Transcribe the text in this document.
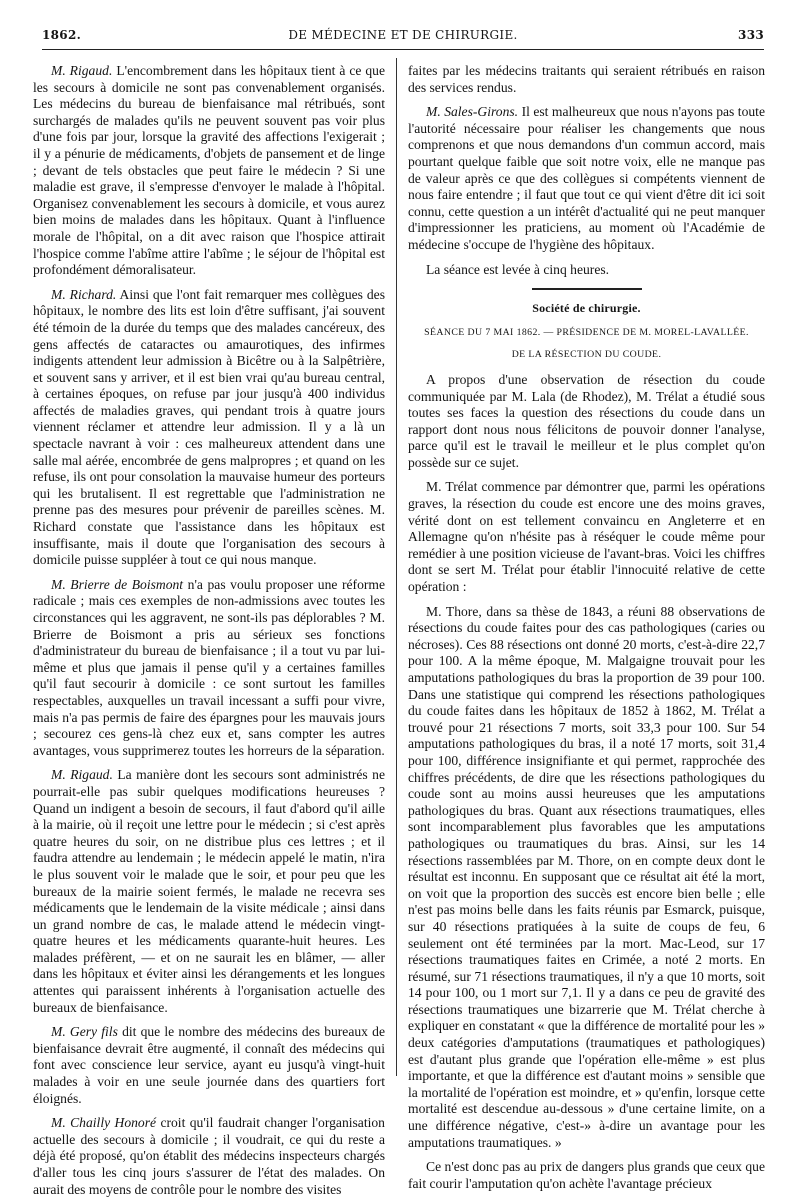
1862.	DE MÉDECINE ET DE CHIRURGIE.	333

M. Rigaud. L'encombrement dans les hôpitaux tient à ce que les secours à domicile ne sont pas convenablement organisés. Les médecins du bureau de bienfaisance mal rétribués, sont surchargés de malades qu'ils ne peuvent souvent pas voir plus d'une fois par jour, lorsque la gravité des affections l'exigerait ; il y a pénurie de médicaments, d'objets de pansement et de linge ; devant de tels obstacles que peut faire le médecin ? Si une maladie est grave, il s'empresse d'envoyer le malade à l'hôpital. Organisez convenablement les secours à domicile, et vous aurez bien moins de malades dans les hôpitaux. Quant à l'influence morale de l'hôpital, on a dit avec raison que l'hospice attirait l'hospice comme l'abîme attire l'abîme ; le séjour de l'hôpital est profondément démoralisateur.

M. Richard. Ainsi que l'ont fait remarquer mes collègues des hôpitaux, le nombre des lits est loin d'être suffisant, j'ai souvent été témoin de la durée du temps que des malades cancéreux, des gens affectés de cataractes ou amaurotiques, des infirmes indigents attendent leur admission à Bicêtre ou à la Salpêtrière, et souvent sans y arriver, et il est bien vrai qu'au bureau central, à certaines époques, on refuse par jour jusqu'à 400 individus affectés de maladies graves, qui pendant trois à quatre jours viennent réclamer et attendre leur admission. Il y a là un spectacle navrant à voir : ces malheureux attendent dans une salle mal aérée, encombrée de gens malpropres ; et quand on les refuse, ils ont pour consolation la mauvaise humeur des porteurs qui les brutalisent. Il est regrettable que l'administration ne prenne pas des mesures pour prévenir de pareilles scènes. M. Richard constate que l'assistance dans les hôpitaux est insuffisante, mais il doute que l'organisation des secours à domicile puisse suppléer à tout ce qui nous manque.

M. Brierre de Boismont n'a pas voulu proposer une réforme radicale ; mais ces exemples de non-admissions avec toutes les circonstances qui les aggravent, ne sont-ils pas déplorables ? M. Brierre de Boismont a pris au sérieux ses fonctions d'administrateur du bureau de bienfaisance ; il a tout vu par lui-même et plus que jamais il pense qu'il y a certaines familles qu'il faut secourir à domicile : ce sont surtout les familles respectables, auxquelles un travail incessant a suffi pour vivre, mais n'a pas permis de faire des épargnes pour les mauvais jours ; secourez ces gens-là chez eux et, sans compter les autres avantages, vous supprimerez toutes les horreurs de la séparation.

M. Rigaud. La manière dont les secours sont administrés ne pourrait-elle pas subir quelques modifications heureuses ? Quand un indigent a besoin de secours, il faut d'abord qu'il aille à la mairie, où il reçoit une lettre pour le médecin ; si c'est après quatre heures du soir, on ne distribue plus ces lettres ; et il faudra attendre au lendemain ; le médecin appelé le matin, n'ira le plus souvent voir le malade que le soir, et pour peu que les bureaux de la mairie soient fermés, le malade ne recevra ses médicaments que le lendemain de la visite médicale ; ainsi dans un grand nombre de cas, le malade attend le médecin vingt-quatre heures et les médicaments quarante-huit heures. Les malades préfèrent, — et on ne saurait les en blâmer, — aller dans les hôpitaux et éviter ainsi les dérangements et les longues attentes qui paraissent inhérents à l'organisation actuelle des bureaux de bienfaisance.

M. Gery fils dit que le nombre des médecins des bureaux de bienfaisance devrait être augmenté, il connaît des médecins qui font avec conscience leur service, ayant eu jusqu'à vingt-huit malades à voir en une seule journée dans des quartiers fort éloignés.

M. Chailly Honoré croit qu'il faudrait changer l'organisation actuelle des secours à domicile ; il voudrait, ce qui du reste a déjà été proposé, qu'on établit des médecins inspecteurs chargés d'aller tous les cinq jours s'assurer de l'état des malades. On aurait des moyens de contrôle pour le nombre des visites

faites par les médecins traitants qui seraient rétribués en raison des services rendus.

M. Sales-Girons. Il est malheureux que nous n'ayons pas toute l'autorité nécessaire pour réaliser les changements que nous comprenons et que nous demandons d'un commun accord, mais pourtant quelque faible que soit notre voix, elle ne manque pas de valeur après ce que des collègues si compétents viennent de nous faire entendre ; il faut que tout ce qui vient d'être dit ici soit connu, cette question a un intérêt d'actualité qui ne peut manquer d'impressionner les praticiens, au moment où l'Académie de médecine s'occupe de l'hygiène des hôpitaux.

La séance est levée à cinq heures.

Société de chirurgie.

SÉANCE DU 7 MAI 1862. — PRÉSIDENCE DE M. MOREL-LAVALLÉE.

DE LA RÉSECTION DU COUDE.

A propos d'une observation de résection du coude communiquée par M. Lala (de Rhodez), M. Trélat a étudié sous toutes ses faces la question des résections du coude dans un rapport dont nous nous félicitons de pouvoir donner l'analyse, parce qu'il est le travail le meilleur et le plus complet qu'on possède sur ce sujet.

M. Trélat commence par démontrer que, parmi les opérations graves, la résection du coude est encore une des moins graves, vérité dont on est tellement convaincu en Angleterre et en Allemagne qu'on n'hésite pas à réséquer le coude même pour remédier à une position vicieuse de l'avant-bras. Voici les chiffres dont se sert M. Trélat pour établir l'innocuité relative de cette opération :

M. Thore, dans sa thèse de 1843, a réuni 88 observations de résections du coude faites pour des cas pathologiques (caries ou nécroses). Ces 88 résections ont donné 20 morts, c'est-à-dire 22,7 pour 100. A la même époque, M. Malgaigne trouvait pour les amputations pathologiques du bras la proportion de 39 pour 100. Dans une statistique qui comprend les résections pathologiques du coude faites dans les hôpitaux de 1852 à 1862, M. Trélat a trouvé pour 21 résections 7 morts, soit 33,3 pour 100. Sur 54 amputations pathologiques du bras, il a noté 17 morts, soit 31,4 pour 100, différence insignifiante et qui permet, rapprochée des chiffres précédents, de dire que les résections pathologiques du coude sont au moins aussi heureuses que les amputations pathologiques du bras. Quant aux résections traumatiques, elles sont incomparablement plus favorables que les amputations pathologiques ou traumatiques du bras. Ainsi, sur les 14 résections rassemblées par M. Thore, on en compte deux dont le résultat est inconnu. En supposant que ce résultat ait été la mort, on voit que la proportion des succès est encore bien belle ; elle n'est pas moins belle dans les faits réunis par Esmarck, puisque, sur 40 résections pratiquées à la suite de coups de feu, 6 seulement ont été terminées par la mort. Mac-Leod, sur 17 résections traumatiques faites en Crimée, a noté 2 morts. En résumé, sur 71 résections traumatiques, il n'y a que 10 morts, soit 14 pour 100, ou 1 mort sur 7,1. Il y a dans ce peu de gravité des résections traumatiques une bizarrerie que M. Trélat cherche à expliquer en constatant « que la différence de mortalité pour les » deux catégories d'amputations (traumatiques et pathologiques) est d'autant plus grande que l'opération elle-même » est plus importante, et que la différence est d'autant moins » sensible que la mortalité de l'opération est moindre, et » qu'enfin, lorsque cette mortalité est descendue au-dessous » d'une certaine limite, on a une différence négative, c'est-» à-dire un avantage pour les amputations traumatiques. »

Ce n'est donc pas au prix de dangers plus grands que ceux que fait courir l'amputation qu'on achète l'avantage précieux
